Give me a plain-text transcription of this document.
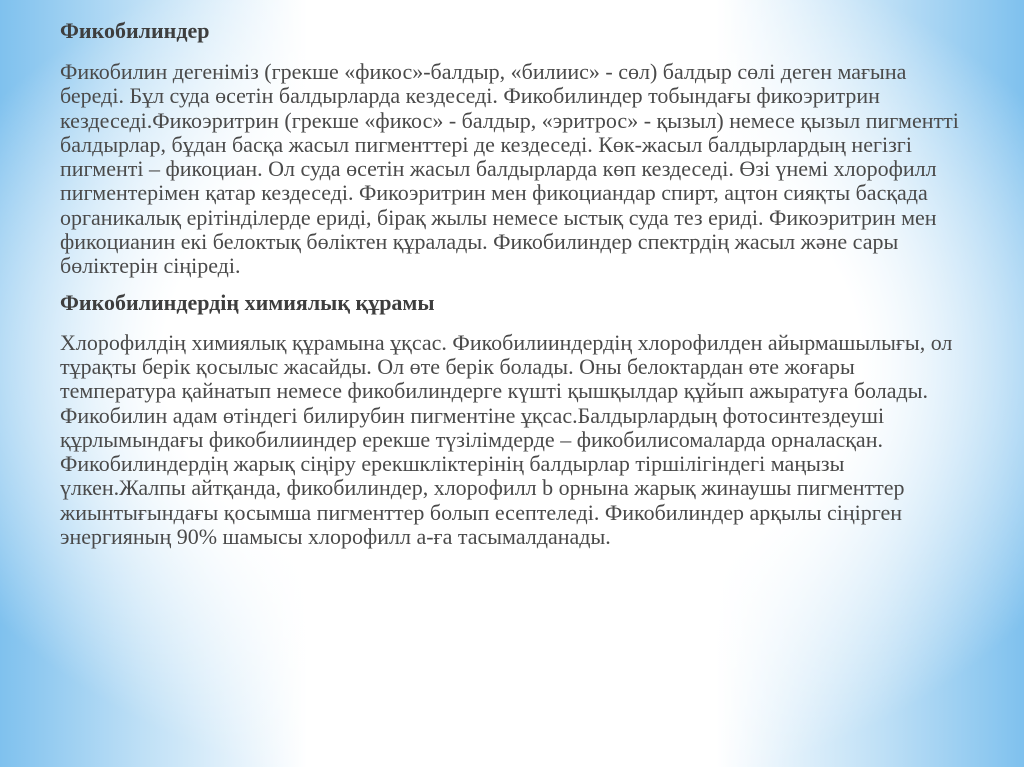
Фикобилиндер

Фикобилин дегеніміз (грекше «фикос»-балдыр, «билиис» - сөл) балдыр сөлі деген мағына береді. Бұл суда өсетін балдырларда кездеседі. Фикобилиндер тобындағы фикоэритрин кездеседі.Фикоэритрин (грекше «фикос» - балдыр, «эритрос» - қызыл) немесе қызыл пигментті балдырлар, бұдан басқа жасыл пигменттері де кездеседі. Көк-жасыл балдырлардың негізгі пигменті – фикоциан. Ол суда өсетін жасыл балдырларда көп кездеседі. Өзі үнемі хлорофилл пигментерімен қатар кездеседі. Фикоэритрин мен фикоциандар спирт, ацтон сияқты басқада органикалық ерітінділерде ериді, бірақ жылы немесе ыстық суда тез ериді. Фикоэритрин мен фикоцианин екі белоктық бөліктен құралады. Фикобилиндер спектрдің жасыл және сары бөліктерін сіңіреді.

Фикобилиндердің химиялық құрамы

Хлорофилдің химиялық құрамына ұқсас. Фикобилииндердің хлорофилден айырмашылығы, ол тұрақты берік қосылыс жасайды. Ол өте берік болады. Оны белоктардан өте жоғары температура қайнатып немесе фикобилиндерге күшті қышқылдар құйып ажыратуға болады. Фикобилин адам өтіндегі билирубин пигментіне ұқсас.Балдырлардың фотосинтездеуші құрлымындағы фикобилииндер ерекше түзілімдерде – фикобилисомаларда орналасқан. Фикобилиндердің жарық сіңіру ерекшкліктерінің балдырлар тіршілігіндегі маңызы үлкен.Жалпы айтқанда, фикобилиндер, хлорофилл b орнына жарық жинаушы пигменттер жиынтығындағы қосымша пигменттер болып есептеледі. Фикобилиндер арқылы сіңірген энергияның 90% шамысы хлорофилл а-ға тасымалданады.
